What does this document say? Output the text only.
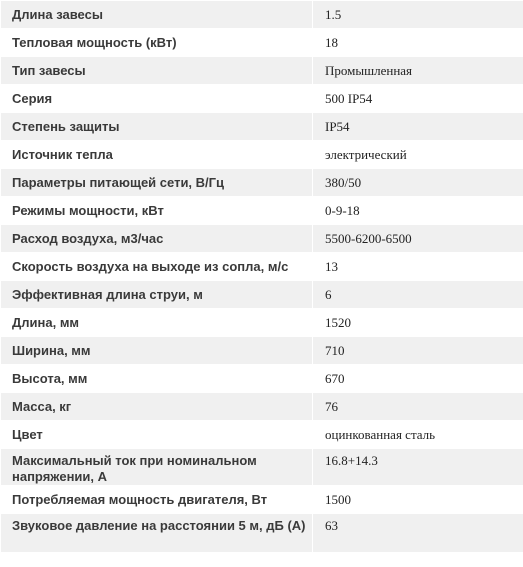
Длина завесы	1.5
Тепловая мощность (кВт)	18
Тип завесы	Промышленная
Серия	500 IP54
Степень защиты	IP54
Источник тепла	электрический
Параметры питающей сети, В/Гц	380/50
Режимы мощности, кВт	0-9-18
Расход воздуха, м3/час	5500-6200-6500
Скорость воздуха на выходе из сопла, м/с	13
Эффективная длина струи, м	6
Длина, мм	1520
Ширина, мм	710
Высота, мм	670
Масса, кг	76
Цвет	оцинкованная сталь
Максимальный ток при номинальном напряжении, А	16.8+14.3
Потребляемая мощность двигателя, Вт	1500
Звуковое давление на расстоянии 5 м, дБ (А)	63
